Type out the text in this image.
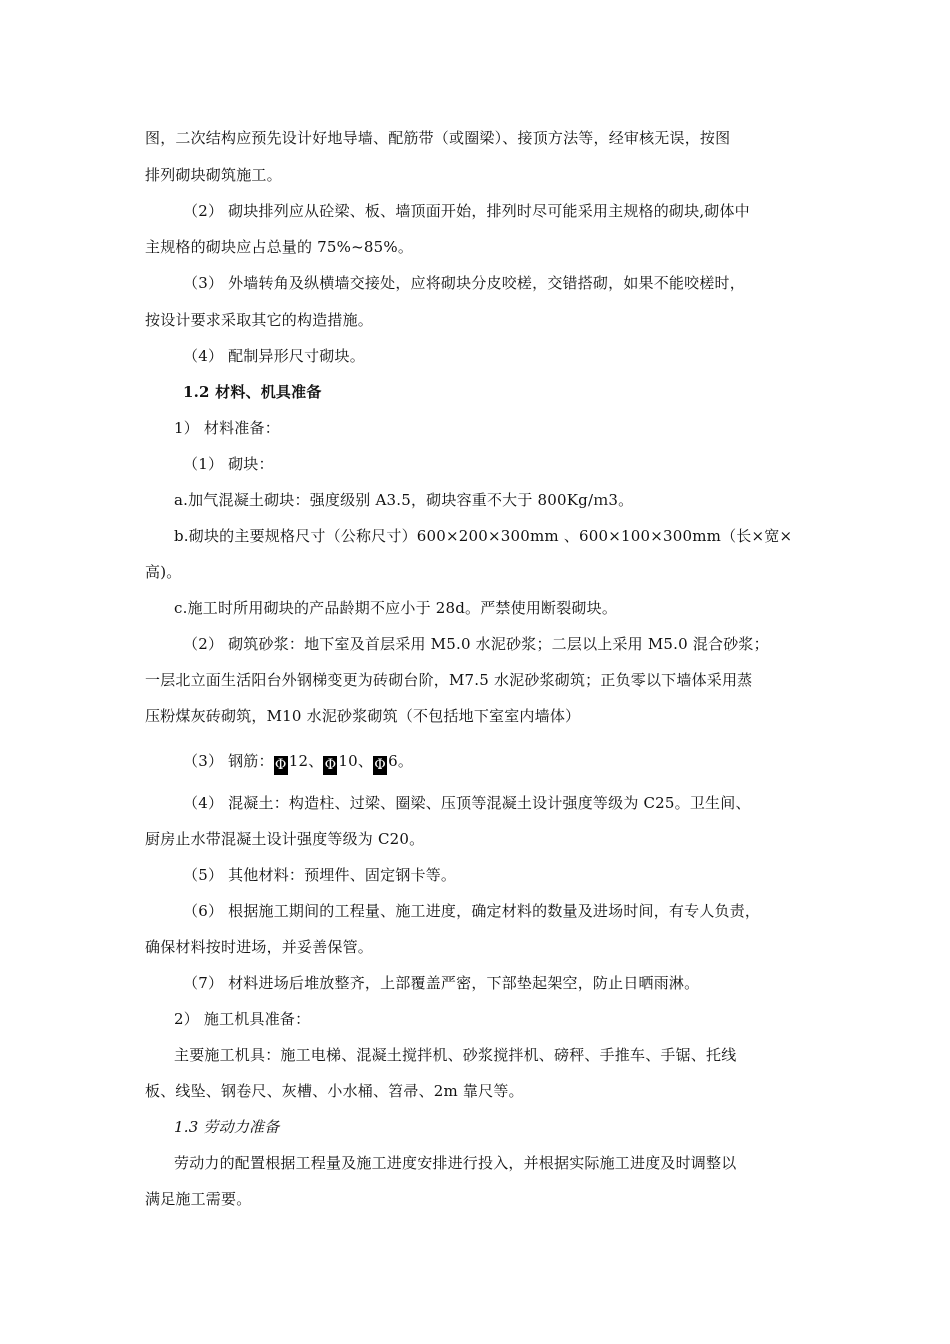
图，二次结构应预先设计好地导墙、配筋带（或圈梁）、接顶方法等，经审核无误，按图
排列砌块砌筑施工。
（2） 砌块排列应从砼梁、板、墙顶面开始，排列时尽可能采用主规格的砌块,砌体中
主规格的砌块应占总量的 75%~85%。
（3） 外墙转角及纵横墙交接处，应将砌块分皮咬槎，交错搭砌，如果不能咬槎时，
按设计要求采取其它的构造措施。
（4） 配制异形尺寸砌块。
1.2 材料、机具准备
1） 材料准备：
（1） 砌块：
a.加气混凝土砌块：强度级别 A3.5，砌块容重不大于 800Kg/ｍ3。
b.砌块的主要规格尺寸（公称尺寸）600×200×300mm 、600×100×300mm（长×宽×
高)。
c.施工时所用砌块的产品龄期不应小于 28d。严禁使用断裂砌块。
（2） 砌筑砂浆：地下室及首层采用 M5.0 水泥砂浆；二层以上采用 M5.0 混合砂浆；
一层北立面生活阳台外钢梯变更为砖砌台阶，M7.5 水泥砂浆砌筑；正负零以下墙体采用蒸
压粉煤灰砖砌筑，M10 水泥砂浆砌筑（不包括地下室室内墙体）
（3） 钢筋：Φ 12、Φ 10、Φ 6。
（4） 混凝土：构造柱、过梁、圈梁、压顶等混凝土设计强度等级为 C25。卫生间、
厨房止水带混凝土设计强度等级为 C20。
（5） 其他材料：预埋件、固定钢卡等。
（6） 根据施工期间的工程量、施工进度，确定材料的数量及进场时间，有专人负责，
确保材料按时进场，并妥善保管。
（7） 材料进场后堆放整齐，上部覆盖严密，下部垫起架空，防止日晒雨淋。
2） 施工机具准备：
主要施工机具：施工电梯、混凝土搅拌机、砂浆搅拌机、磅秤、手推车、手锯、托线
板、线坠、钢卷尺、灰槽、小水桶、笤帚、2m 靠尺等。
1.3 劳动力准备
劳动力的配置根据工程量及施工进度安排进行投入，并根据实际施工进度及时调整以
满足施工需要。
